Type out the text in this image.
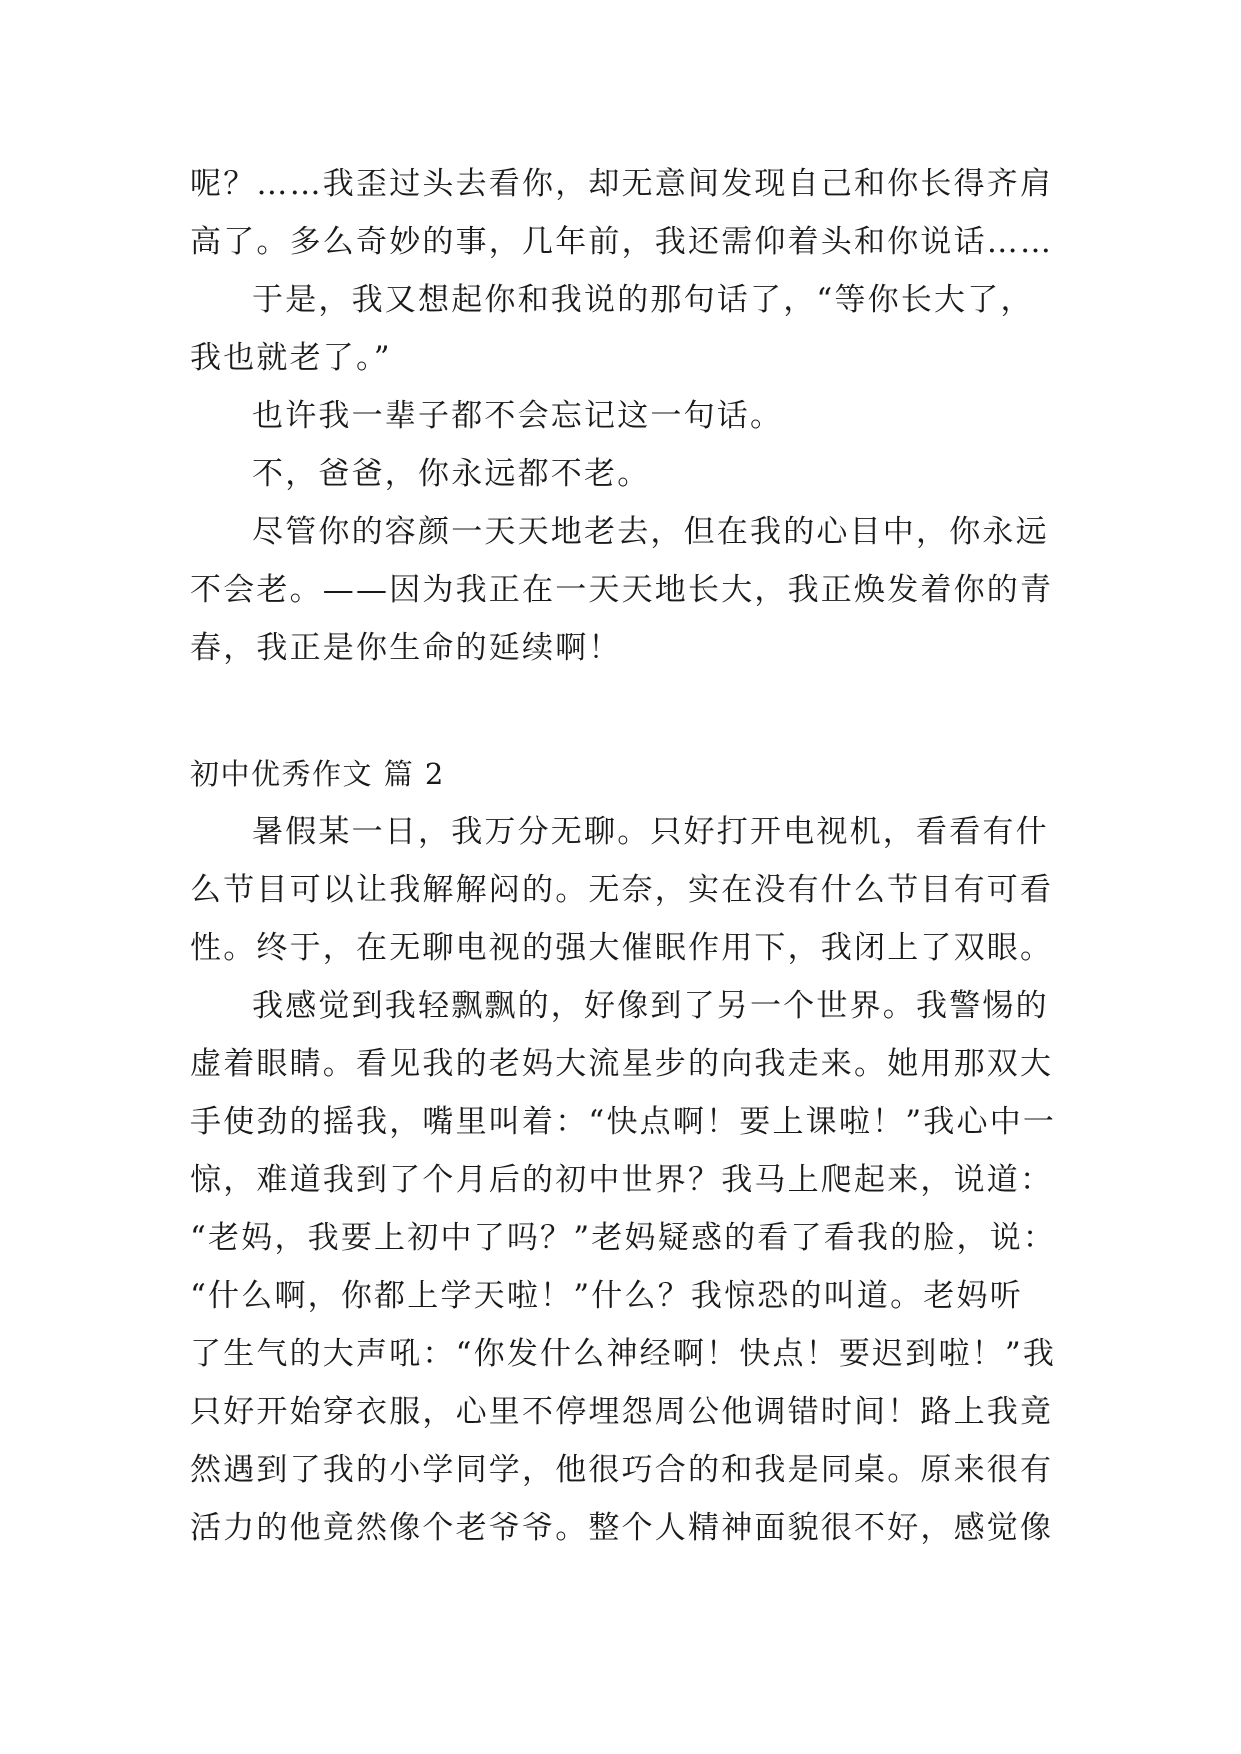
呢？……我歪过头去看你，却无意间发现自己和你长得齐肩
高了。多么奇妙的事，几年前，我还需仰着头和你说话……
于是，我又想起你和我说的那句话了，“等你长大了，
我也就老了。”
也许我一辈子都不会忘记这一句话。
不，爸爸，你永远都不老。
尽管你的容颜一天天地老去，但在我的心目中，你永远
不会老。——因为我正在一天天地长大，我正焕发着你的青
春，我正是你生命的延续啊！
初中优秀作文 篇 2
暑假某一日，我万分无聊。只好打开电视机，看看有什
么节目可以让我解解闷的。无奈，实在没有什么节目有可看
性。终于，在无聊电视的强大催眠作用下，我闭上了双眼。
我感觉到我轻飘飘的，好像到了另一个世界。我警惕的
虚着眼睛。看见我的老妈大流星步的向我走来。她用那双大
手使劲的摇我，嘴里叫着：“快点啊！要上课啦！”我心中一
惊，难道我到了个月后的初中世界？我马上爬起来，说道：
“老妈，我要上初中了吗？”老妈疑惑的看了看我的脸，说：
“什么啊，你都上学天啦！”什么？我惊恐的叫道。老妈听
了生气的大声吼：“你发什么神经啊！快点！要迟到啦！”我
只好开始穿衣服，心里不停埋怨周公他调错时间！路上我竟
然遇到了我的小学同学，他很巧合的和我是同桌。原来很有
活力的他竟然像个老爷爷。整个人精神面貌很不好，感觉像
